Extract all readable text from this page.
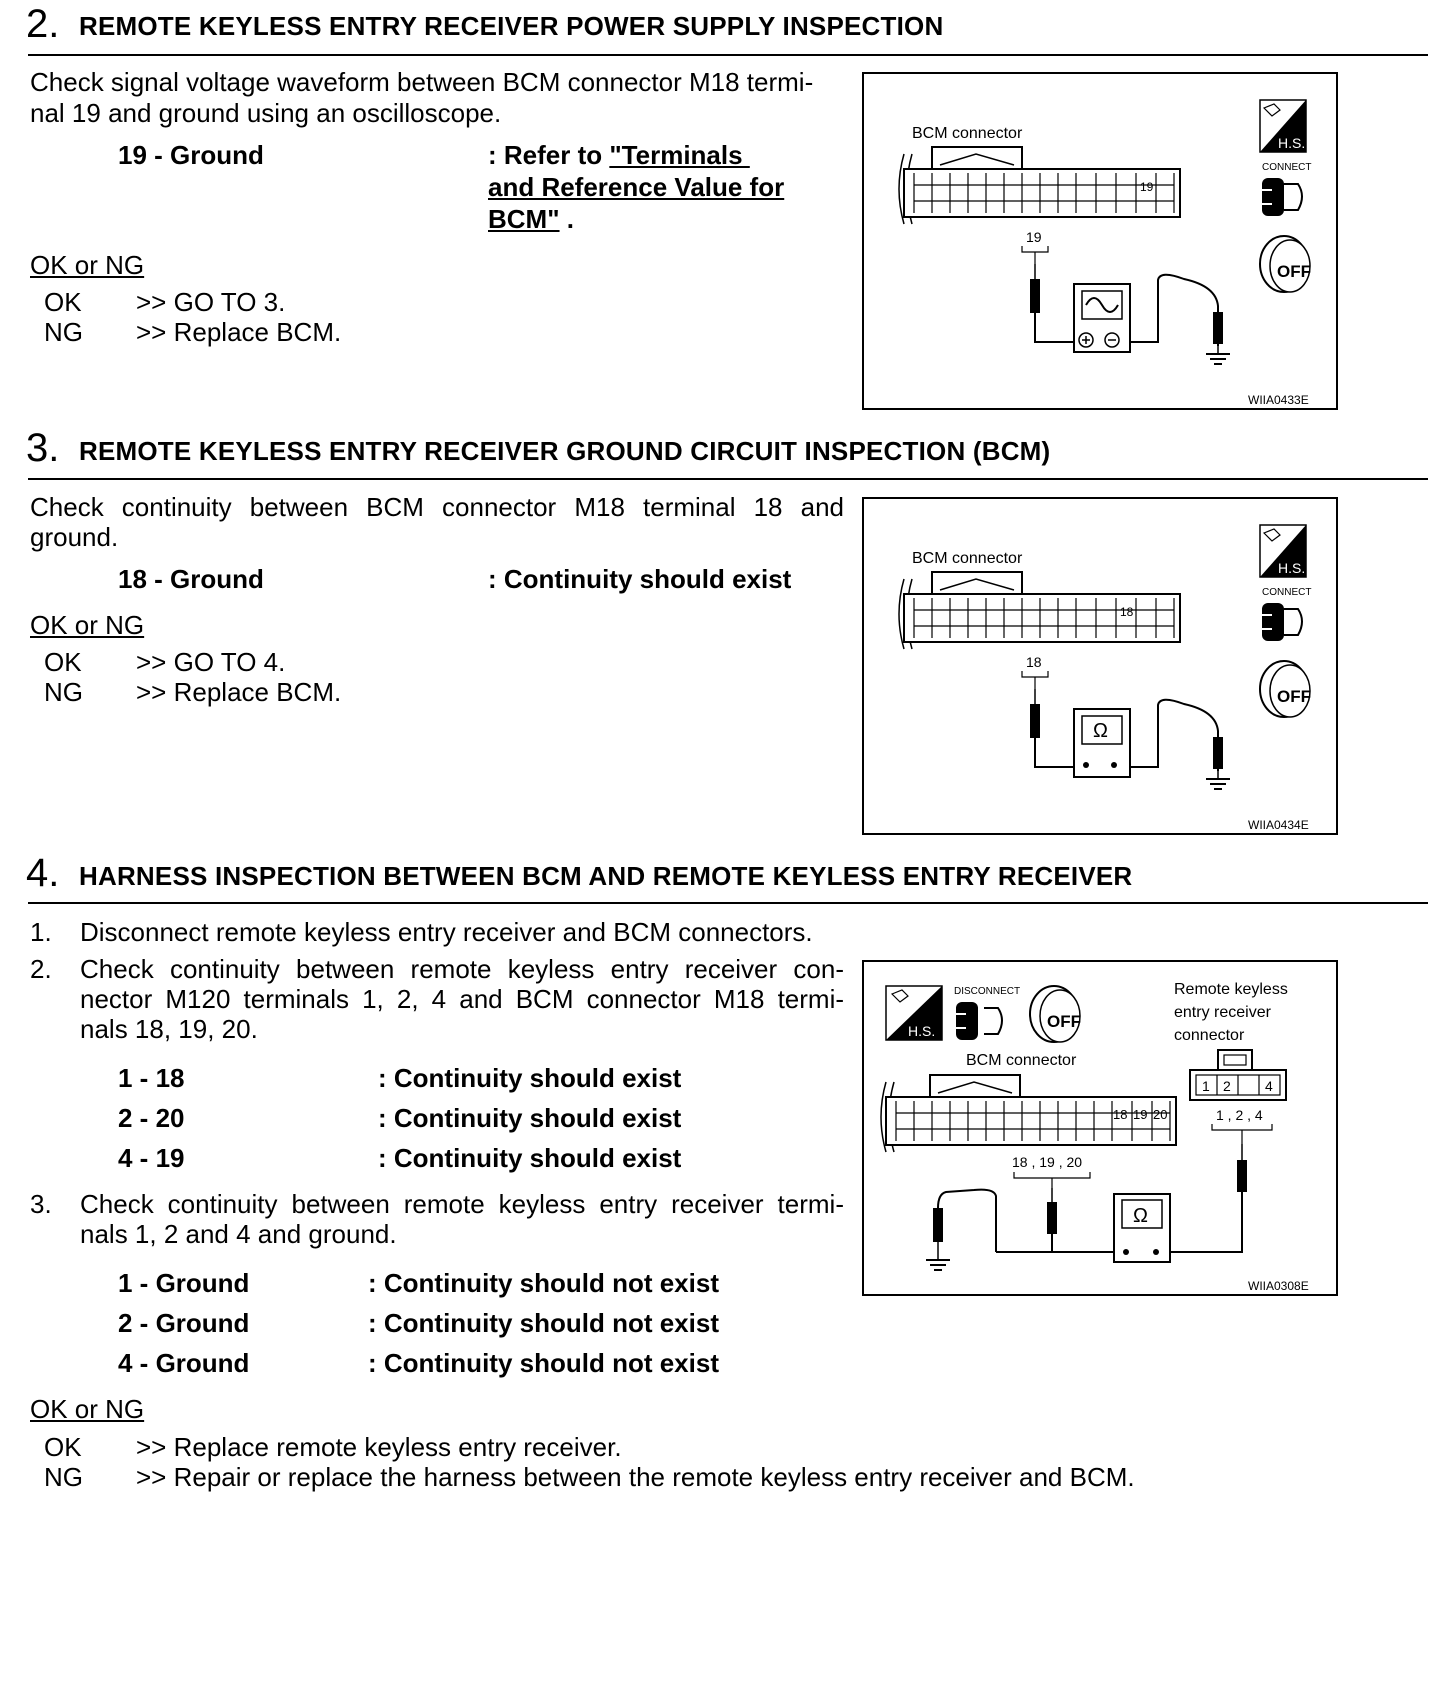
2. REMOTE KEYLESS ENTRY RECEIVER POWER SUPPLY INSPECTION
Check signal voltage waveform between BCM connector M18 termi-
nal 19 and ground using an oscilloscope.
19 - Ground	: Refer to "Terminals
and Reference Value for
BCM" .
OK or NG
OK >> GO TO 3.
NG >> Replace BCM.
BCM connector
19
19
H.S.
CONNECT
OFF
WIIA0433E
3. REMOTE KEYLESS ENTRY RECEIVER GROUND CIRCUIT INSPECTION (BCM)
Check continuity between BCM connector M18 terminal 18 and
ground.
18 - Ground	: Continuity should exist
OK or NG
OK >> GO TO 4.
NG >> Replace BCM.
BCM connector
18
18
Ω
H.S.
CONNECT
OFF
WIIA0434E
4. HARNESS INSPECTION BETWEEN BCM AND REMOTE KEYLESS ENTRY RECEIVER
1. Disconnect remote keyless entry receiver and BCM connectors.
2. Check continuity between remote keyless entry receiver con-
nector M120 terminals 1, 2, 4 and BCM connector M18 termi-
nals 18, 19, 20.
1 - 18	: Continuity should exist
2 - 20	: Continuity should exist
4 - 19	: Continuity should exist
3. Check continuity between remote keyless entry receiver termi-
nals 1, 2 and 4 and ground.
1 - Ground	: Continuity should not exist
2 - Ground	: Continuity should not exist
4 - Ground	: Continuity should not exist
OK or NG
OK >> Replace remote keyless entry receiver.
NG >> Repair or replace the harness between the remote keyless entry receiver and BCM.
H.S.
DISCONNECT
OFF
BCM connector
18 19 20
18 , 19 , 20
Remote keyless
entry receiver
connector
1 2 4
1 , 2 , 4
Ω
WIIA0308E
